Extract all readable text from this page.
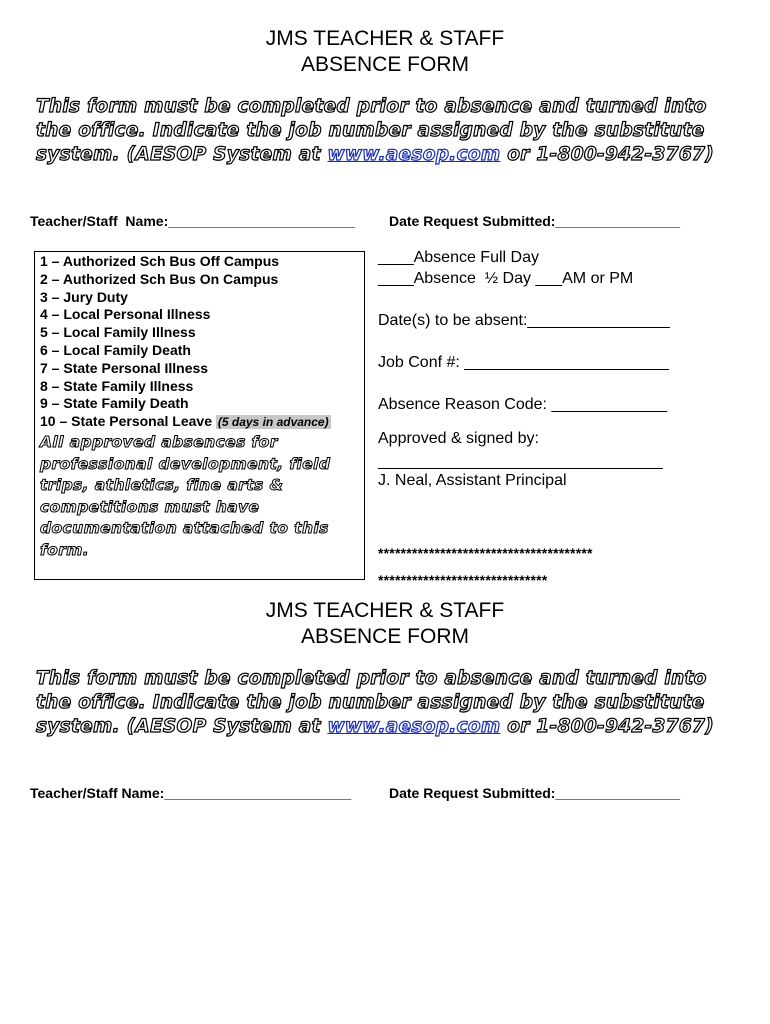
JMS TEACHER & STAFF
ABSENCE FORM
This form must be completed prior to absence and turned into the office. Indicate the job number assigned by the substitute system. (AESOP System at www.aesop.com or 1-800-942-3767)
Teacher/Staff  Name:________________________ Date Request Submitted:________________
1 – Authorized Sch Bus Off Campus
2 – Authorized Sch Bus On Campus
3 – Jury Duty
4 – Local Personal Illness
5 – Local Family Illness
6 – Local Family Death
7 – State Personal Illness
8 – State Family Illness
9 – State Family Death
10 – State Personal Leave (5 days in advance)
All approved absences for professional development, field trips, athletics, fine arts & competitions must have documentation attached to this form.
____Absence Full Day
____Absence  ½ Day ___AM or PM
Date(s) to be absent:________________
Job Conf #: _______________________
Absence Reason Code: _____________
Approved & signed by:
________________________________
J. Neal, Assistant Principal
**************************************
******************************
JMS TEACHER & STAFF
ABSENCE FORM
This form must be completed prior to absence and turned into the office. Indicate the job number assigned by the substitute system. (AESOP System at www.aesop.com or 1-800-942-3767)
Teacher/Staff Name:________________________	Date Request Submitted:________________
